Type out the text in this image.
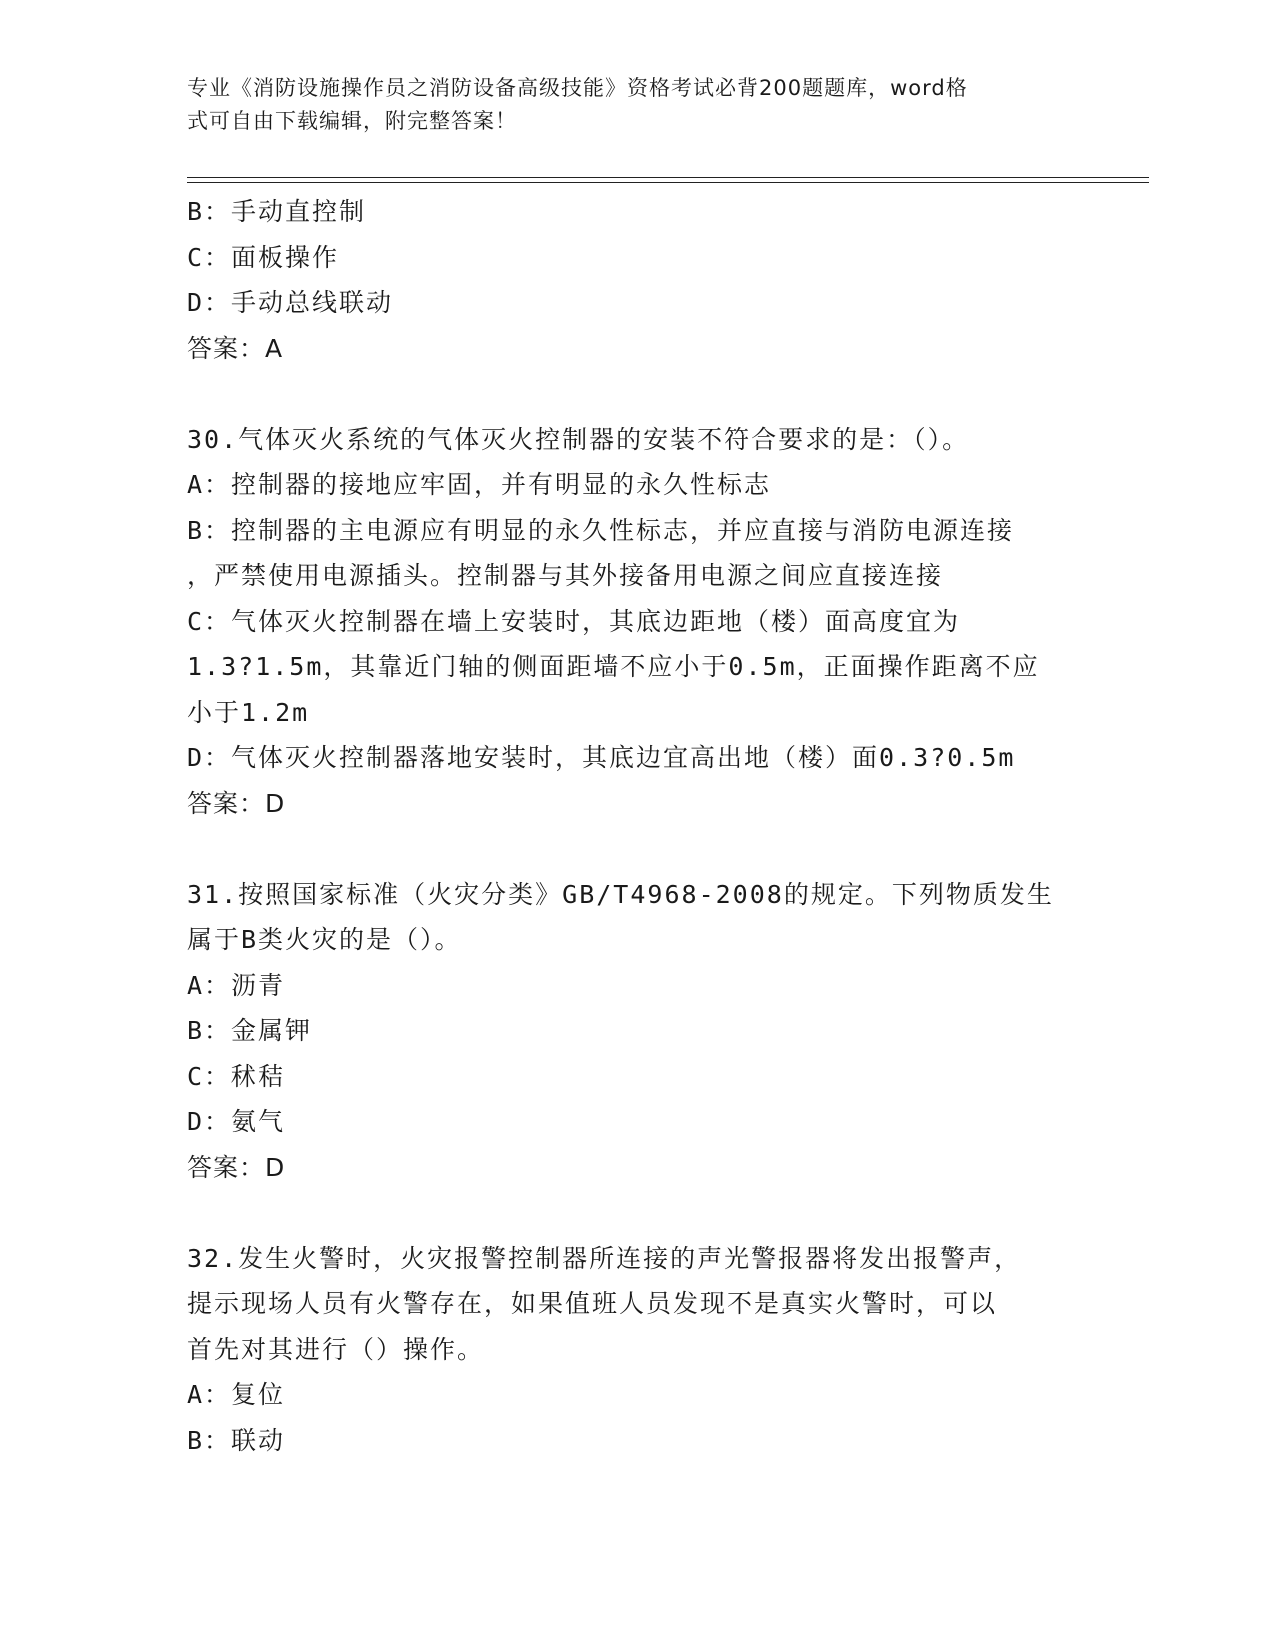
专业《消防设施操作员之消防设备高级技能》资格考试必背200题题库，word格
式可自由下载编辑，附完整答案！
B：手动直控制
C：面板操作
D：手动总线联动
答案：A
30.气体灭火系统的气体灭火控制器的安装不符合要求的是：（）。
A：控制器的接地应牢固，并有明显的永久性标志
B：控制器的主电源应有明显的永久性标志，并应直接与消防电源连接
，严禁使用电源插头。控制器与其外接备用电源之间应直接连接
C：气体灭火控制器在墙上安装时，其底边距地（楼）面高度宜为
1.3?1.5m，其靠近门轴的侧面距墙不应小于0.5m，正面操作距离不应
小于1.2m
D：气体灭火控制器落地安装时，其底边宜高出地（楼）面0.3?0.5m
答案：D
31.按照国家标准（火灾分类》GB/T4968-2008的规定。下列物质发生
属于B类火灾的是（）。
A：沥青
B：金属钾
C：秫秸
D：氨气
答案：D
32.发生火警时，火灾报警控制器所连接的声光警报器将发出报警声，
提示现场人员有火警存在，如果值班人员发现不是真实火警时，可以
首先对其进行（）操作。
A：复位
B：联动
